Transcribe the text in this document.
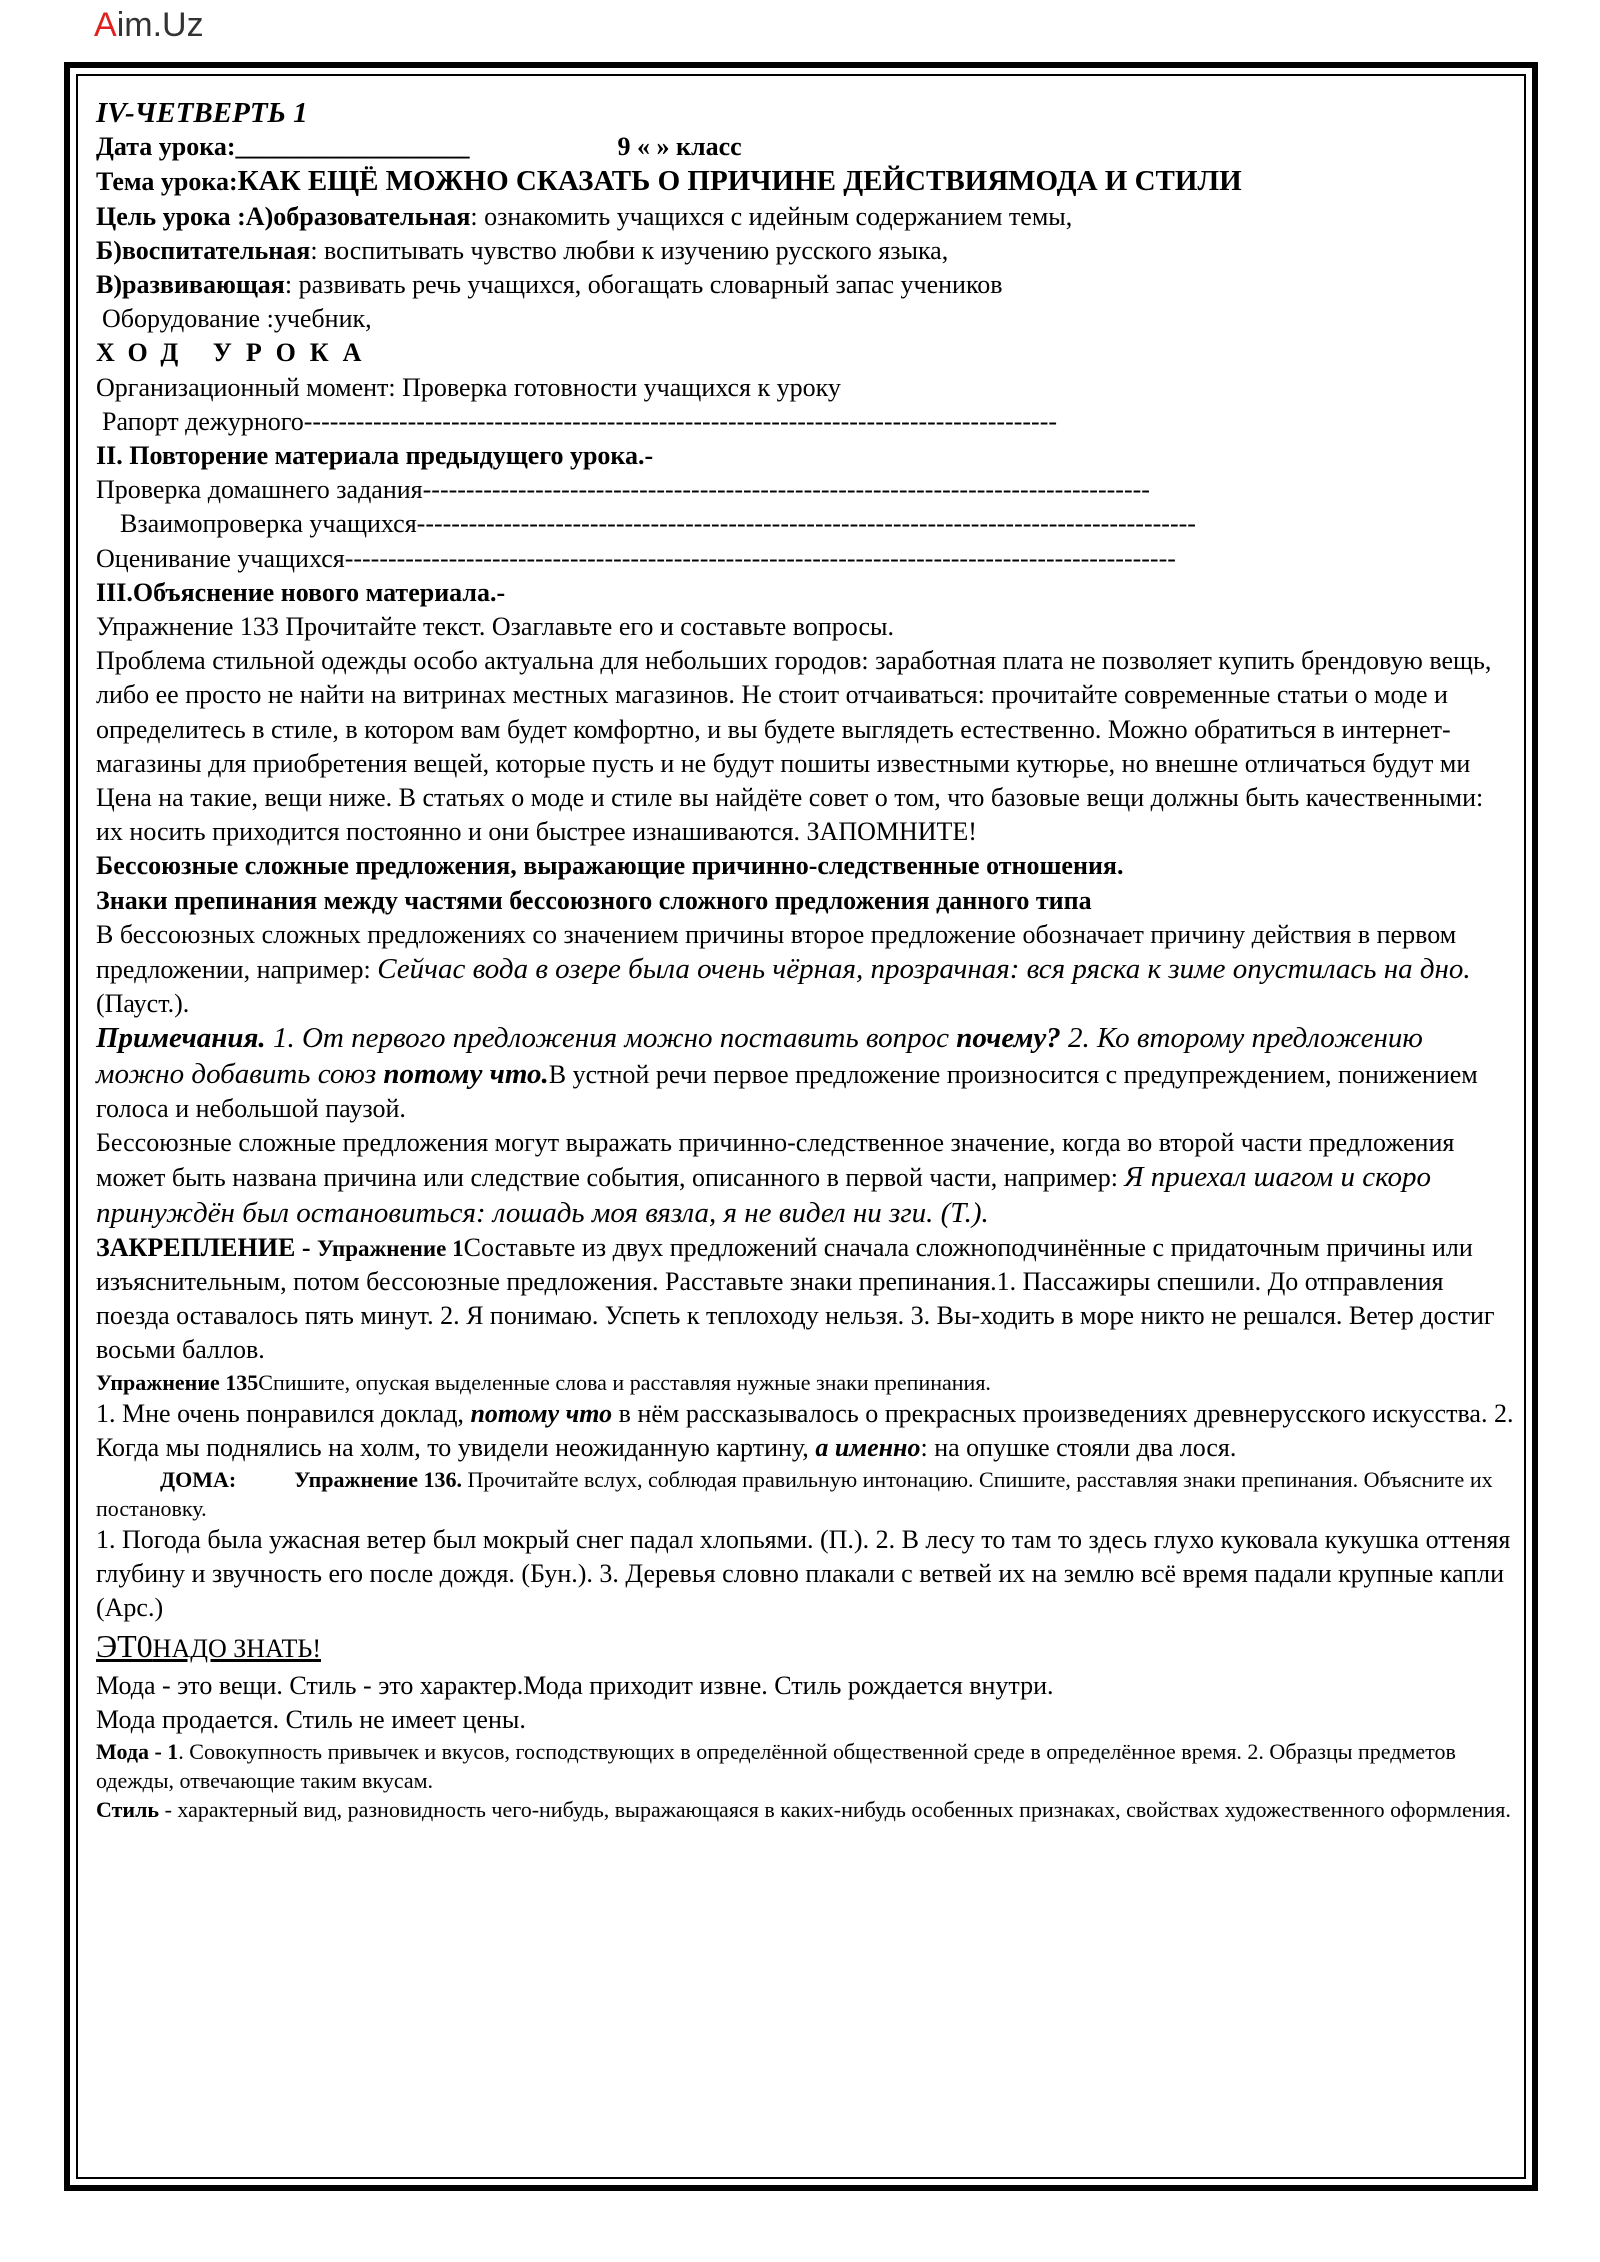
Aim.Uz

IV-ЧЕТВЕРТЬ 1

Дата урока:__________________	9 « » класс

Тема урока:КАК ЕЩЁ МОЖНО СКАЗАТЬ О ПРИЧИНЕ ДЕЙСТВИЯМОДА И СТИЛИ

Цель урока :А)образовательная: ознакомить учащихся с идейным содержанием темы,

Б)воспитательная: воспитывать чувство любви к изучению русского языка,

В)развивающая: развивать речь учащихся, обогащать словарный запас учеников

Оборудование :учебник,

ХОД УРОКА

Организационный момент: Проверка готовности учащихся к уроку

Рапорт дежурного---------------------------------------------------------------------------------------

II. Повторение материала предыдущего урока.-

Проверка домашнего задания------------------------------------------------------------------------------------

Взаимопроверка учащихся------------------------------------------------------------------------------------------

Оценивание учащихся------------------------------------------------------------------------------------------------

III.Объяснение нового материала.-

Упражнение 133 Прочитайте текст. Озаглавьте его и составьте вопросы.

Проблема стильной одежды особо актуальна для небольших городов: заработная плата не позволяет купить брендовую вещь, либо ее просто не найти на витринах местных магазинов. Не стоит отчаиваться: прочитайте современные статьи о моде и определитесь в стиле, в котором вам будет комфортно, и вы будете выглядеть естественно. Можно обратиться в интернет- магазины для приобретения вещей, которые пусть и не будут пошиты известными кутюрье, но внешне отличаться будут ми Цена на такие, вещи ниже. В статьях о моде и стиле вы найдёте совет о том, что базовые вещи должны быть качественными: их носить приходится постоянно и они быстрее изнашиваются. ЗАПОМНИТЕ!

Бессоюзные сложные предложения, выражающие причинно-следственные отношения.

Знаки препинания между частями бессоюзного сложного предложения данного типа

В бессоюзных сложных предложениях со значением причины второе предложение обозначает причину действия в первом предложении, например: Сейчас вода в озере была очень чёрная, прозрачная: вся ряска к зиме опустилась на дно.(Пауст.).

Примечания. 1. От первого предложения можно поставить вопрос почему? 2. Ко второму предложению можно добавить союз потому что.В устной речи первое предложение произносится с предупреждением, понижением голоса и небольшой паузой.

Бессоюзные сложные предложения могут выражать причинно-следственное значение, когда во второй части предложения может быть названа причина или следствие события, описанного в первой части, например: Я приехал шагом и скоро принуждён был остановиться: лошадь моя вязла, я не видел ни зги. (Т.).

ЗАКРЕПЛЕНИЕ - Упражнение 1Составьте из двух предложений сначала сложноподчинённые с придаточным причины или изъяснительным, потом бессоюзные предложения. Расставьте знаки препинания.1. Пассажиры спешили. До отправления поезда оставалось пять минут. 2. Я понимаю. Успеть к теплоходу нельзя. 3. Вы-ходить в море никто не решался. Ветер достиг восьми баллов.

Упражнение 135Спишите, опуская выделенные слова и расставляя нужные знаки препинания.

1. Мне очень понравился доклад, потому что в нём рассказывалось о прекрасных произведениях древнерусского искусства. 2. Когда мы поднялись на холм, то увидели неожиданную картину, а именно: на опушке стояли два лося.

ДОМА:	Упражнение 136. Прочитайте вслух, соблюдая правильную интонацию. Спишите, расставляя знаки препинания. Объясните их постановку.

1. Погода была ужасная ветер был мокрый снег падал хлопьями. (П.). 2. В лесу то там то здесь глухо куковала кукушка оттеняя глубину и звучность его после дождя. (Бун.). 3. Деревья словно плакали с ветвей их на землю всё время падали крупные капли (Арс.)

ЭТ0НАДО ЗНАТЬ!

Мода - это вещи. Стиль - это характер.Мода приходит извне. Стиль рождается внутри.

Мода продается. Стиль не имеет цены.

Мода - 1. Совокупность привычек и вкусов, господствующих в определённой общественной среде в определённое время. 2. Образцы предметов одежды, отвечающие таким вкусам.

Стиль - характерный вид, разновидность чего-нибудь, выражающаяся в каких-нибудь особенных признаках, свойствах художественного оформления.
